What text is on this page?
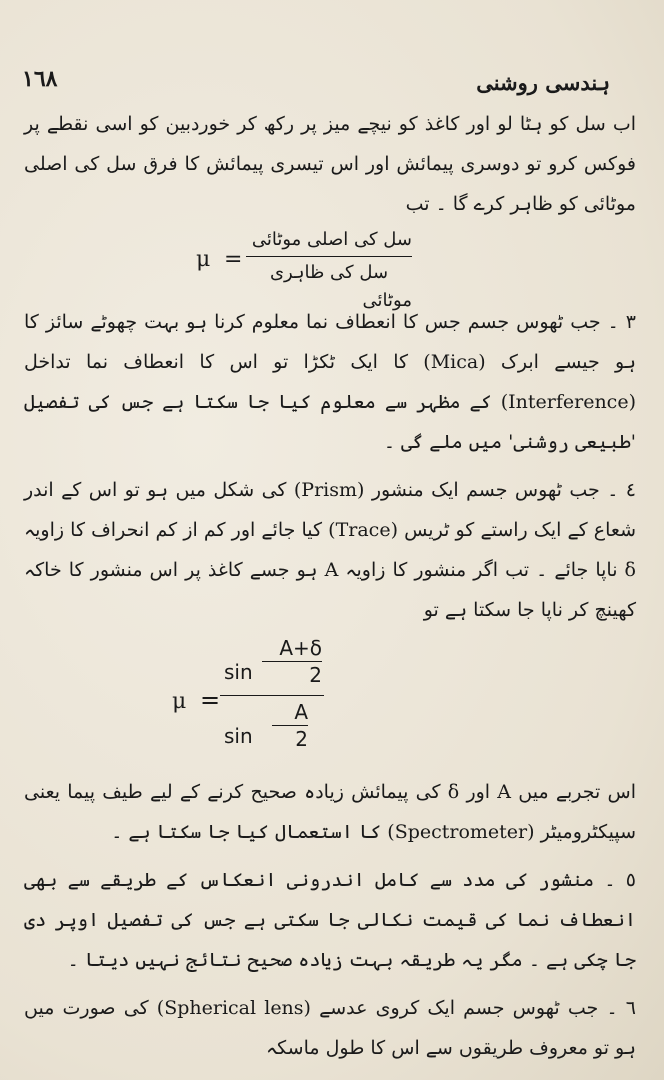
١٦٨	ہندسی روشنی

اب سل کو ہٹا لو اور کاغذ کو نیچے میز پر رکھ کر خوردبین کو اسی نقطے پر فوکس کرو تو دوسری پیمائش اور اس تیسری پیمائش کا فرق سل کی اصلی موٹائی کو ظاہر کرے گا ۔ تب

μ =
سل کی اصلی موٹائی
سل کی ظاہری موٹائی

٣ ۔ جب ٹھوس جسم جس کا انعطاف نما معلوم کرنا ہو بہت چھوٹے سائز کا ہو جیسے ابرک (Mica) کا ایک ٹکڑا تو اس کا انعطاف نما تداخل (Interference) کے مظہر سے معلوم کیا جا سکتا ہے جس کی تفصیل 'طبیعی روشنی' میں ملے گی ۔

٤ ۔ جب ٹھوس جسم ایک منشور (Prism) کی شکل میں ہو تو اس کے اندر شعاع کے ایک راستے کو ٹریس (Trace) کیا جائے اور کم از کم انحراف کا زاویہ δ ناپا جائے ۔ تب اگر منشور کا زاویہ A ہو جسے کاغذ پر اس منشور کا خاکہ کھینچ کر ناپا جا سکتا ہے تو

μ =
sin
A+δ
2
sin
A
2

اس تجربے میں A اور δ کی پیمائش زیادہ صحیح کرنے کے لیے طیف پیما یعنی سپیکٹرومیٹر (Spectrometer) کا استعمال کیا جا سکتا ہے ۔

٥ ۔ منشور کی مدد سے کامل اندرونی انعکاس کے طریقے سے بھی انعطاف نما کی قیمت نکالی جا سکتی ہے جس کی تفصیل اوپر دی جا چکی ہے ۔ مگر یہ طریقہ بہت زیادہ صحیح نتائج نہیں دیتا ۔

٦ ۔ جب ٹھوس جسم ایک کروی عدسے (Spherical lens) کی صورت میں ہو تو معروف طریقوں سے اس کا طول ماسکہ
